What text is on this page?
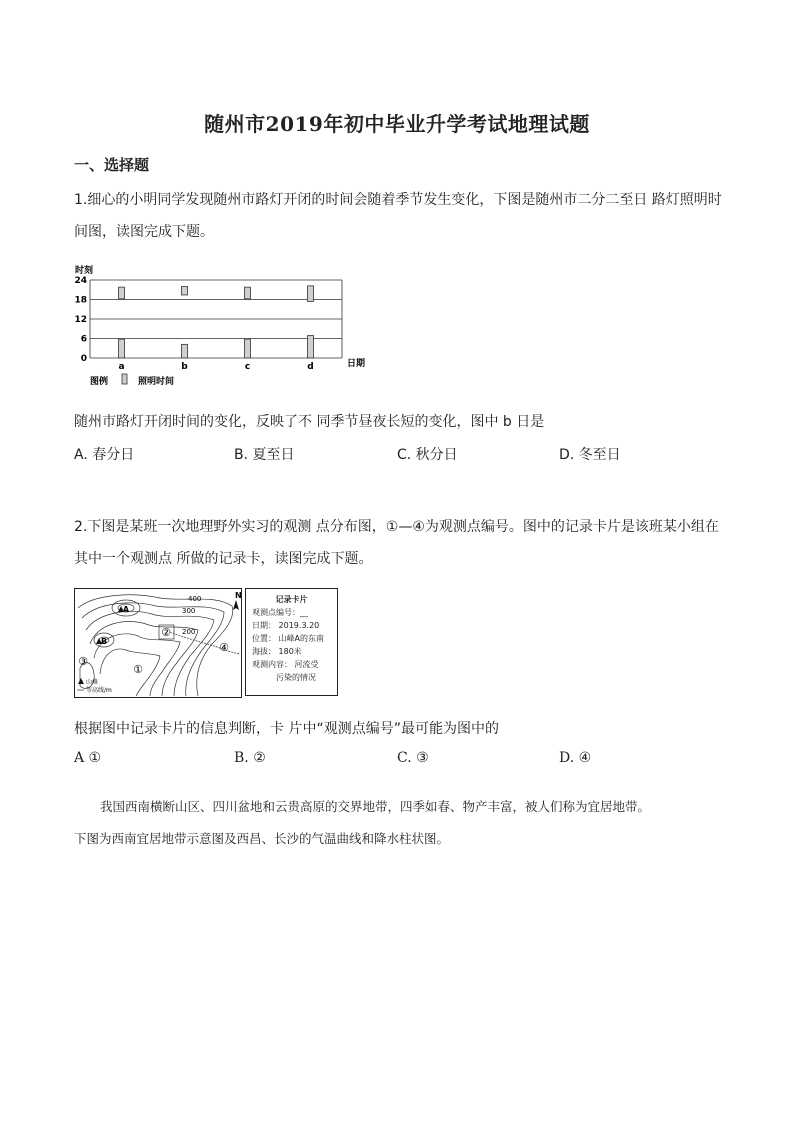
随州市2019年初中毕业升学考试地理试题
一、选择题
1.细心的小明同学发现随州市路灯开闭的时间会随着季节发生变化，下图是随州市二分二至日 路灯照明时
间图，读图完成下题。
时刻
24
18
12
6
0
a	b	c	d	日期
图例	照明时间
随州市路灯开闭时间的变化，反映了不 同季节昼夜长短的变化，图中 b 日是
A. 春分日	B. 夏至日	C. 秋分日	D. 冬至日
2.下图是某班一次地理野外实习的观测 点分布图，①—④为观测点编号。图中的记录卡片是该班某小组在
其中一个观测点 所做的记录卡，读图完成下题。
A
B
400
300
200
②
①
③
④
N
山峰
等高线/m
记录卡片
观测点编号：__
日期： 2019.3.20
位置： 山峰A的东南
海拔： 180米
观测内容： 河流受
污染的情况
根据图中记录卡片的信息判断，卡 片中“观测点编号”最可能为图中的
A ①	B. ②	C. ③	D. ④
我国西南横断山区、四川盆地和云贵高原的交界地带，四季如春、物产丰富，被人们称为宜居地带。
下图为西南宜居地带示意图及西昌、长沙的气温曲线和降水柱状图。
